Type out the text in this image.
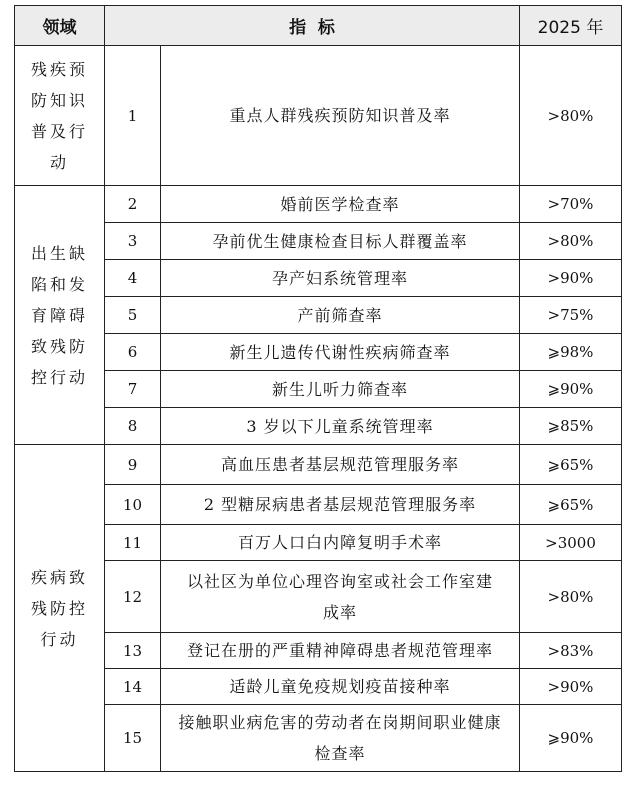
领域	指  标		2025 年
残疾预防知识普及行动	1	重点人群残疾预防知识普及率	>80%
出生缺陷和发育障碍致残防控行动	2	婚前医学检查率	>70%
	3	孕前优生健康检查目标人群覆盖率	>80%
	4	孕产妇系统管理率	>90%
	5	产前筛查率	>75%
	6	新生儿遗传代谢性疾病筛查率	⩾98%
	7	新生儿听力筛查率	⩾90%
	8	3 岁以下儿童系统管理率	⩾85%
疾病致残防控行动	9	高血压患者基层规范管理服务率	⩾65%
	10	2 型糖尿病患者基层规范管理服务率	⩾65%
	11	百万人口白内障复明手术率	>3000
	12	以社区为单位心理咨询室或社会工作室建成率	>80%
	13	登记在册的严重精神障碍患者规范管理率	>83%
	14	适龄儿童免疫规划疫苗接种率	>90%
	15	接触职业病危害的劳动者在岗期间职业健康检查率	⩾90%
